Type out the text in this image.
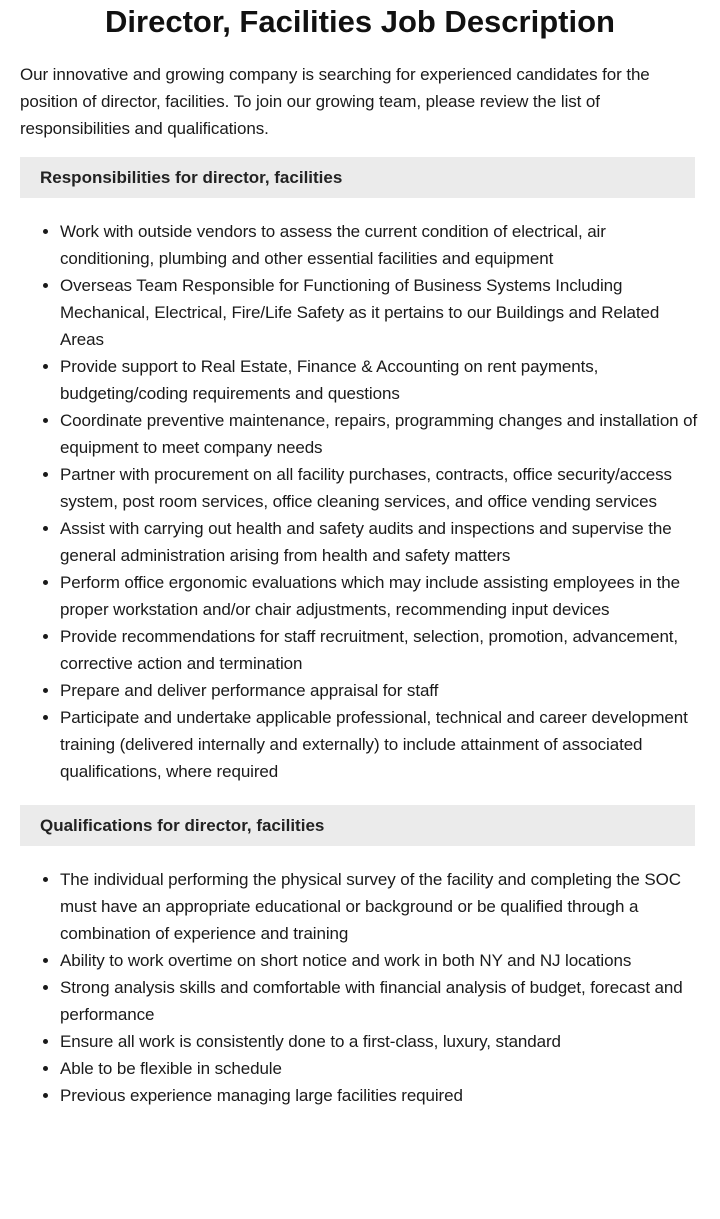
Director, Facilities Job Description

Our innovative and growing company is searching for experienced candidates for the position of director, facilities. To join our growing team, please review the list of responsibilities and qualifications.

Responsibilities for director, facilities
• Work with outside vendors to assess the current condition of electrical, air conditioning, plumbing and other essential facilities and equipment
• Overseas Team Responsible for Functioning of Business Systems Including Mechanical, Electrical, Fire/Life Safety as it pertains to our Buildings and Related Areas
• Provide support to Real Estate, Finance & Accounting on rent payments, budgeting/coding requirements and questions
• Coordinate preventive maintenance, repairs, programming changes and installation of equipment to meet company needs
• Partner with procurement on all facility purchases, contracts, office security/access system, post room services, office cleaning services, and office vending services
• Assist with carrying out health and safety audits and inspections and supervise the general administration arising from health and safety matters
• Perform office ergonomic evaluations which may include assisting employees in the proper workstation and/or chair adjustments, recommending input devices
• Provide recommendations for staff recruitment, selection, promotion, advancement, corrective action and termination
• Prepare and deliver performance appraisal for staff
• Participate and undertake applicable professional, technical and career development training (delivered internally and externally) to include attainment of associated qualifications, where required
Qualifications for director, facilities
• The individual performing the physical survey of the facility and completing the SOC must have an appropriate educational or background or be qualified through a combination of experience and training
• Ability to work overtime on short notice and work in both NY and NJ locations
• Strong analysis skills and comfortable with financial analysis of budget, forecast and performance
• Ensure all work is consistently done to a first-class, luxury, standard
• Able to be flexible in schedule
• Previous experience managing large facilities required
